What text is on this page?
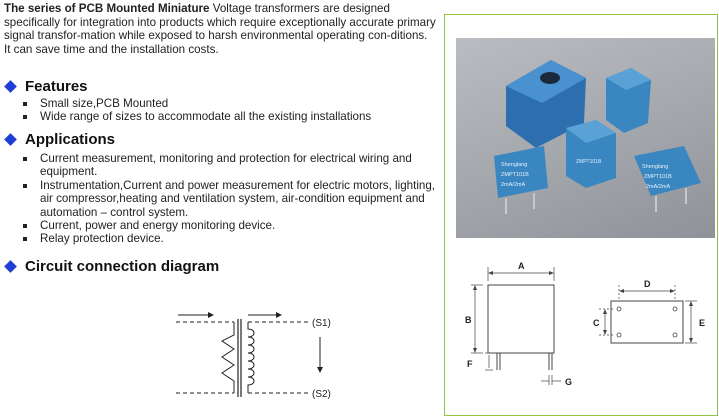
The series of PCB Mounted Miniature Voltage transformers are designed specifically for integration into products which require exceptionally accurate primary signal transfor-mation while exposed to harsh environmental operating con-ditions.
It can save time and the installation costs.
Features
Small size,PCB Mounted
Wide range of sizes to accommodate all the existing installations
Applications
Current measurement, monitoring and protection for electrical wiring and equipment.
Instrumentation,Current and power measurement for electric motors, lighting, air compressor,heating and ventilation system, air-condition equipment and automation – control system.
Current, power and energy monitoring device.
Relay protection device.
Circuit connection diagram
(S1)
(S2)
ZMPT101B
Shenglang
ZMPT101B
2mA/2mA
Shenglang
ZMPT101B
2mA/2mA
A
B
F
G
D
C	E
